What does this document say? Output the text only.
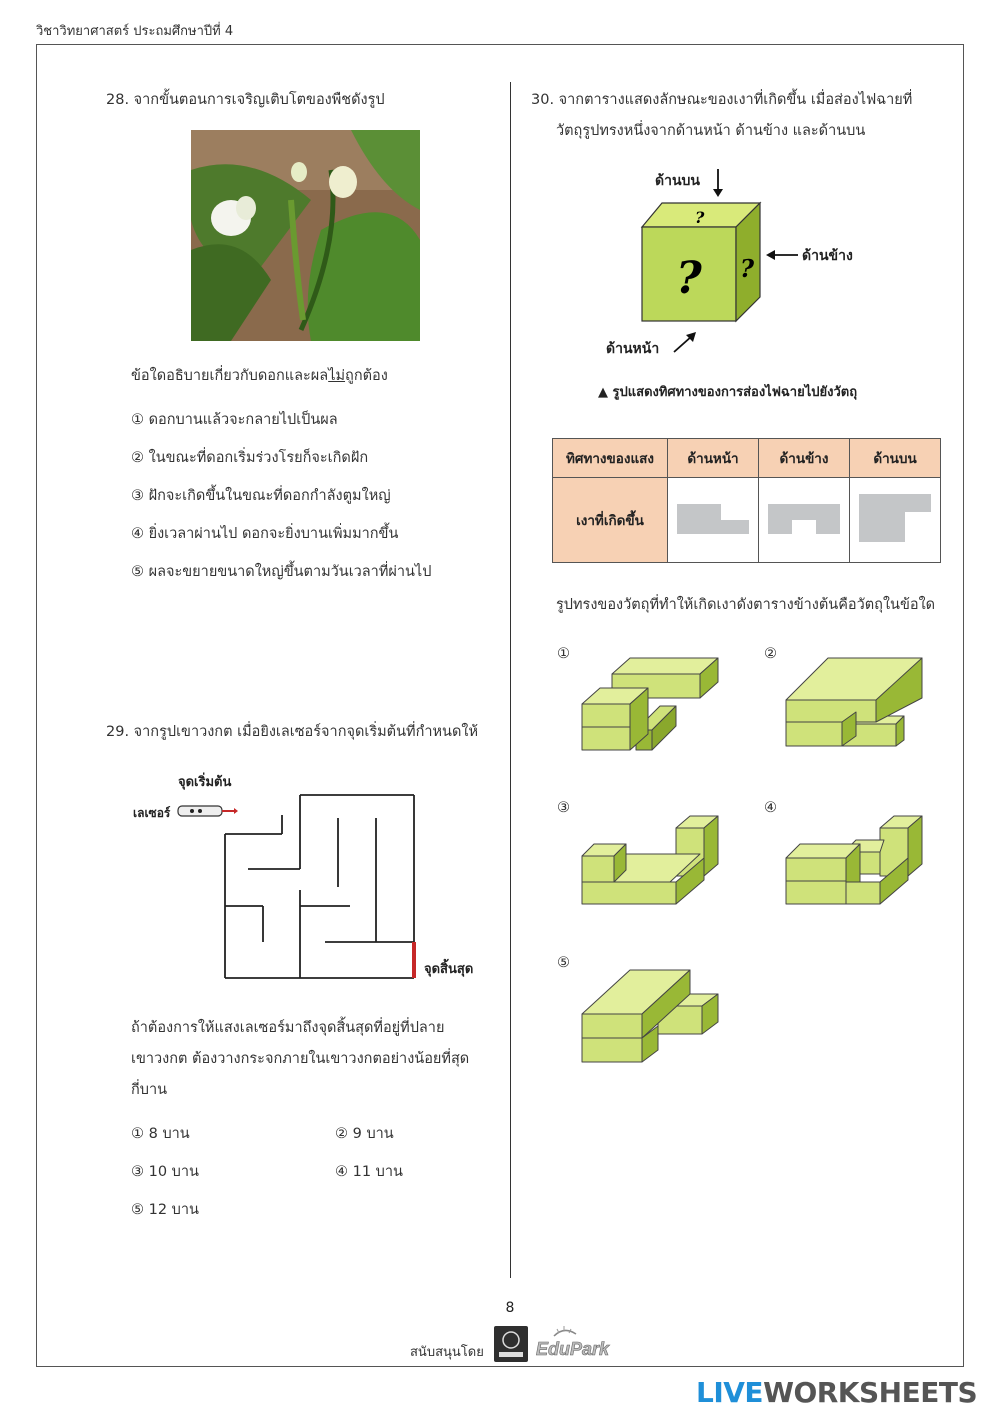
วิชาวิทยาศาสตร์ ประถมศึกษาปีที่ 4
28. จากขั้นตอนการเจริญเติบโตของพืชดังรูป
ข้อใดอธิบายเกี่ยวกับดอกและผลไม่ถูกต้อง
① ดอกบานแล้วจะกลายไปเป็นผล
② ในขณะที่ดอกเริ่มร่วงโรยก็จะเกิดฝัก
③ ฝักจะเกิดขึ้นในขณะที่ดอกกำลังตูมใหญ่
④ ยิ่งเวลาผ่านไป ดอกจะยิ่งบานเพิ่มมากขึ้น
⑤ ผลจะขยายขนาดใหญ่ขึ้นตามวันเวลาที่ผ่านไป
29. จากรูปเขาวงกต เมื่อยิงเลเซอร์จากจุดเริ่มต้นที่กำหนดให้
จุดเริ่มต้น
เลเซอร์
จุดสิ้นสุด
ถ้าต้องการให้แสงเลเซอร์มาถึงจุดสิ้นสุดที่อยู่ที่ปลาย
เขาวงกต ต้องวางกระจกภายในเขาวงกตอย่างน้อยที่สุด
กี่บาน
① 8 บาน	② 9 บาน
③ 10 บาน	④ 11 บาน
⑤ 12 บาน
30. จากตารางแสดงลักษณะของเงาที่เกิดขึ้น เมื่อส่องไฟฉายที่
วัตถุรูปทรงหนึ่งจากด้านหน้า ด้านข้าง และด้านบน
ด้านบน
ด้านข้าง
ด้านหน้า
?
? ?
▲ รูปแสดงทิศทางของการส่องไฟฉายไปยังวัตถุ
ทิศทางของแสง	ด้านหน้า	ด้านข้าง	ด้านบน
เงาที่เกิดขึ้น			
รูปทรงของวัตถุที่ทำให้เกิดเงาดังตารางข้างต้นคือวัตถุในข้อใด
①	②
③	④
⑤
8
สนับสนุนโดย	EduPark
LIVEWORKSHEETS
